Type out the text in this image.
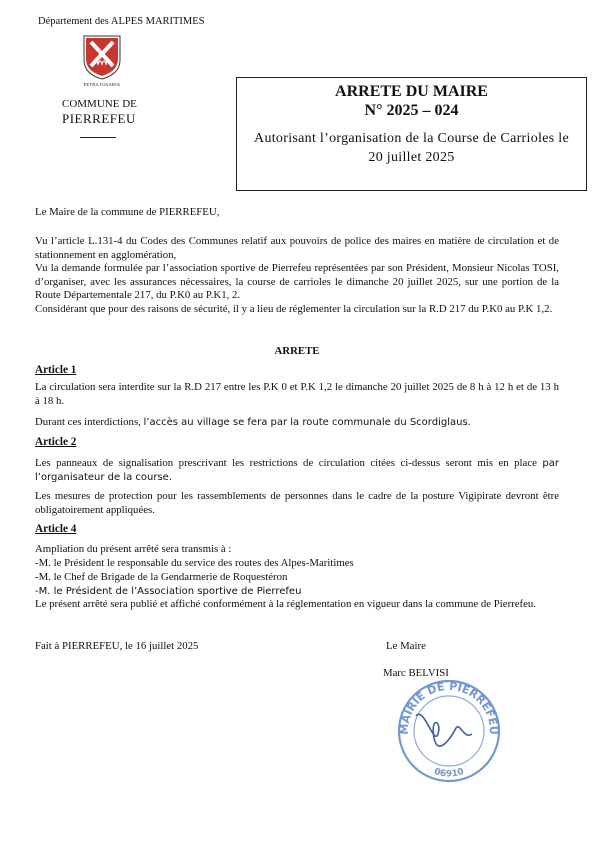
Département des ALPES MARITIMES
PETRA IGNARIA
COMMUNE DE
PIERREFEU
ARRETE DU MAIRE
N° 2025 – 024
Autorisant l’organisation de la Course de Carrioles le 20 juillet 2025
Le Maire de la commune de PIERREFEU,
Vu l’article L.131-4 du Codes des Communes relatif aux pouvoirs de police des maires en matière de circulation et de stationnement en agglomération,
Vu la demande formulée par l’association sportive de Pierrefeu représentées par son Président, Monsieur Nicolas TOSI, d’organiser, avec les assurances nécessaires, la course de carrioles le dimanche 20 juillet 2025, sur une portion de la Route Départementale 217, du P.K0 au P.K1, 2.
Considérant que pour des raisons de sécurité, il y a lieu de réglementer la circulation sur la R.D 217 du P.K0 au P.K 1,2.
ARRETE
Article 1
La circulation sera interdite sur la R.D 217 entre les P.K 0 et P.K 1,2 le dimanche 20 juillet 2025 de 8 h à 12 h et de 13 h à 18 h.
Durant ces interdictions, l’accès au village se fera par la route communale du Scordiglaus.
Article 2
Les panneaux de signalisation prescrivant les restrictions de circulation citées ci-dessus seront mis en place par l’organisateur de la course.
Les mesures de protection pour les rassemblements de personnes dans le cadre de la posture Vigipirate devront être obligatoirement appliquées.
Article 4
Ampliation du présent arrêté sera transmis à :
-M. le Président le responsable du service des routes des Alpes-Maritimes
-M. le Chef de Brigade de la Gendarmerie de Roquestéron
-M. le Président de l’Association sportive de Pierrefeu
Le présent arrêté sera publié et affiché conformément à la réglementation en vigueur dans la commune de Pierrefeu.
Fait à PIERREFEU, le 16 juillet 2025	Le Maire
Marc BELVISI
MAIRIE DE PIERREFEU
06910
